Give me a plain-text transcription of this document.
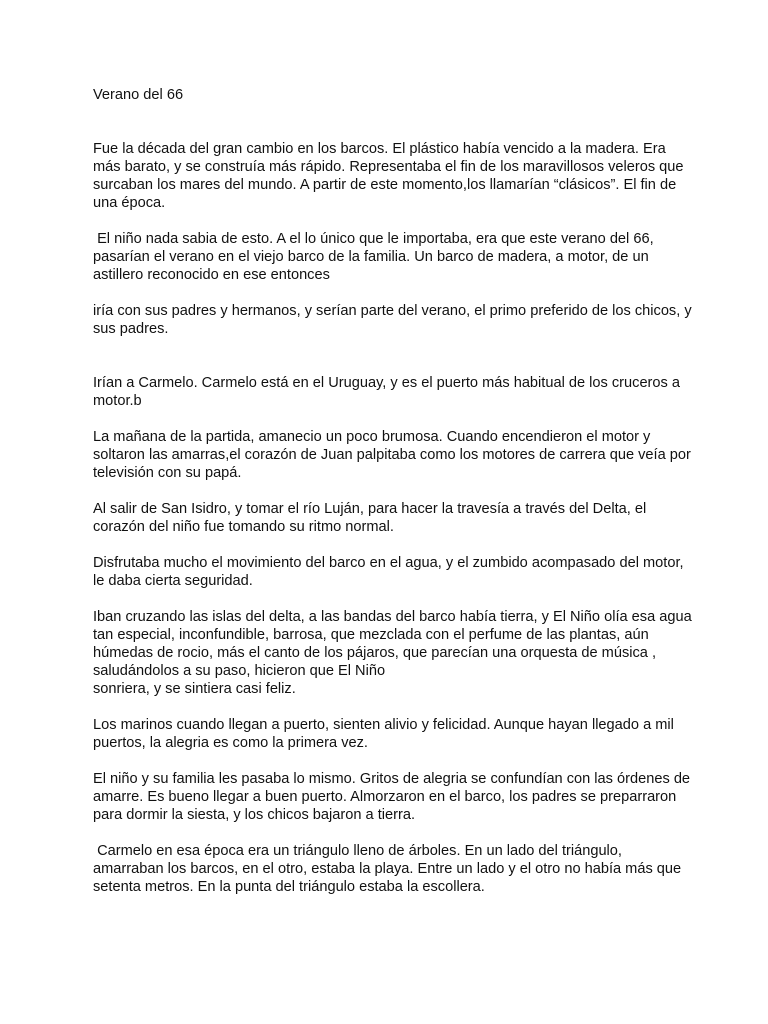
Verano del 66

Fue la década del gran cambio en los barcos. El plástico había vencido a la madera. Era más barato, y se construía más rápido. Representaba el fin de los maravillosos veleros que surcaban los mares del mundo. A partir de este momento,los llamarían “clásicos”. El fin de una época.

El niño nada sabia de esto. A el lo único que le importaba, era que este verano del 66, pasarían el verano en el viejo barco de la familia. Un barco de madera, a motor, de un astillero reconocido en ese entonces

iría con sus padres y hermanos, y serían parte del verano, el primo preferido de los chicos, y sus padres.

Irían a Carmelo. Carmelo está en el Uruguay, y es el puerto más habitual de los cruceros a motor.b

La mañana de la partida, amanecio un poco brumosa. Cuando encendieron el motor y soltaron las amarras,el corazón de Juan palpitaba como los motores de carrera que veía por televisión con su papá.

Al salir de San Isidro, y tomar el río Luján, para hacer la travesía a través del Delta, el corazón del niño fue tomando su ritmo normal.

Disfrutaba mucho el movimiento del barco en el agua, y el zumbido acompasado del motor, le daba cierta seguridad.

Iban cruzando las islas del delta, a las bandas del barco había tierra, y El Niño olía esa agua tan especial, inconfundible, barrosa, que mezclada con el perfume de las plantas, aún húmedas de rocio, más el canto de los pájaros, que parecían una orquesta de música , saludándolos a su paso, hicieron que El Niño
sonriera, y se sintiera casi feliz.

Los marinos cuando llegan a puerto, sienten alivio y felicidad. Aunque hayan llegado a mil puertos, la alegria es como la primera vez.

El niño y su familia les pasaba lo mismo. Gritos de alegria se confundían con las órdenes de amarre. Es bueno llegar a buen puerto. Almorzaron en el barco, los padres se preparraron para dormir la siesta, y los chicos bajaron a tierra.

Carmelo en esa época era un triángulo lleno de árboles. En un lado del triángulo, amarraban los barcos, en el otro, estaba la playa. Entre un lado y el otro no había más que setenta metros. En la punta del triángulo estaba la escollera.
